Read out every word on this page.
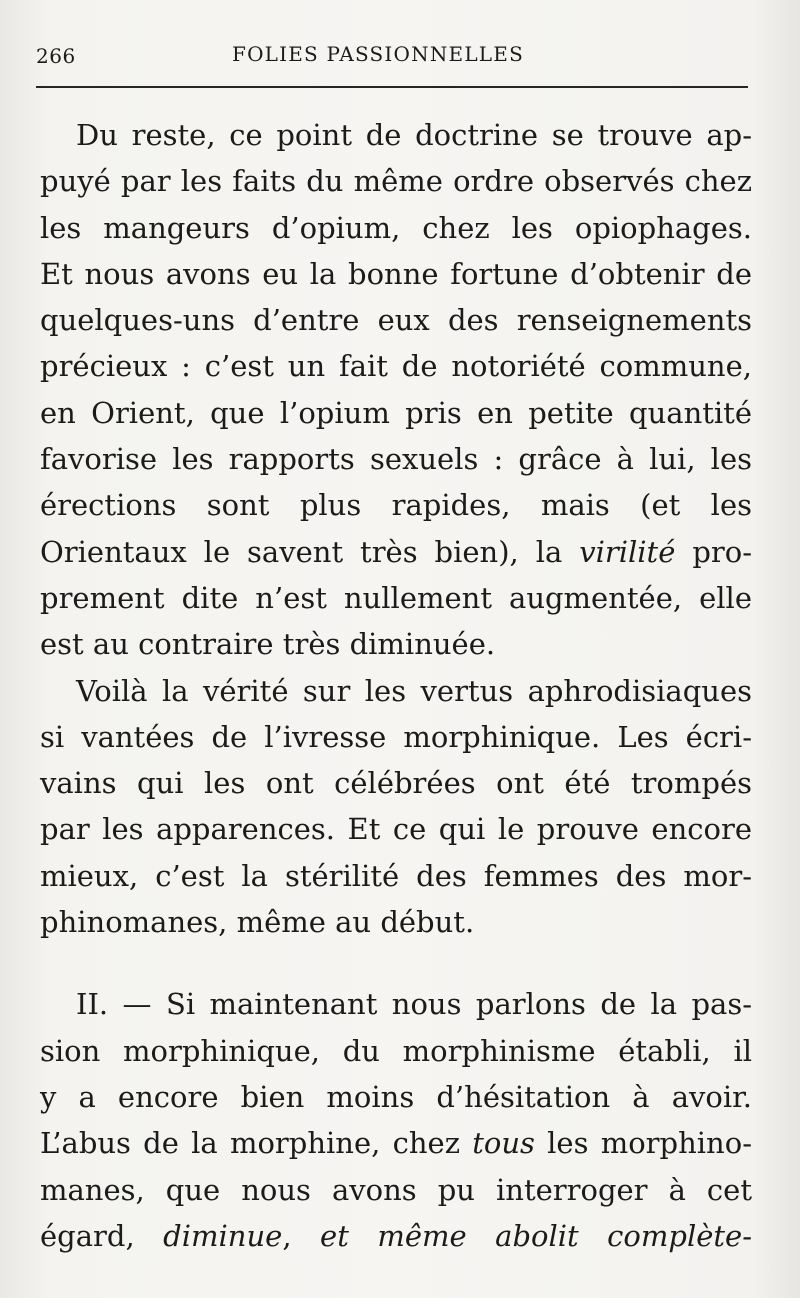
266	FOLIES PASSIONNELLES
Du reste, ce point de doctrine se trouve ap-
puyé par les faits du même ordre observés chez
les mangeurs d’opium, chez les opiophages.
Et nous avons eu la bonne fortune d’obtenir de
quelques-uns d’entre eux des renseignements
précieux : c’est un fait de notoriété commune,
en Orient, que l’opium pris en petite quantité
favorise les rapports sexuels : grâce à lui, les
érections sont plus rapides, mais (et les
Orientaux le savent très bien), la virilité pro-
prement dite n’est nullement augmentée, elle
est au contraire très diminuée.
Voilà la vérité sur les vertus aphrodisiaques
si vantées de l’ivresse morphinique. Les écri-
vains qui les ont célébrées ont été trompés
par les apparences. Et ce qui le prouve encore
mieux, c’est la stérilité des femmes des mor-
phinomanes, même au début.
II. — Si maintenant nous parlons de la pas-
sion morphinique, du morphinisme établi, il
y a encore bien moins d’hésitation à avoir.
L’abus de la morphine, chez tous les morphino-
manes, que nous avons pu interroger à cet
égard, diminue, et même abolit complète-
